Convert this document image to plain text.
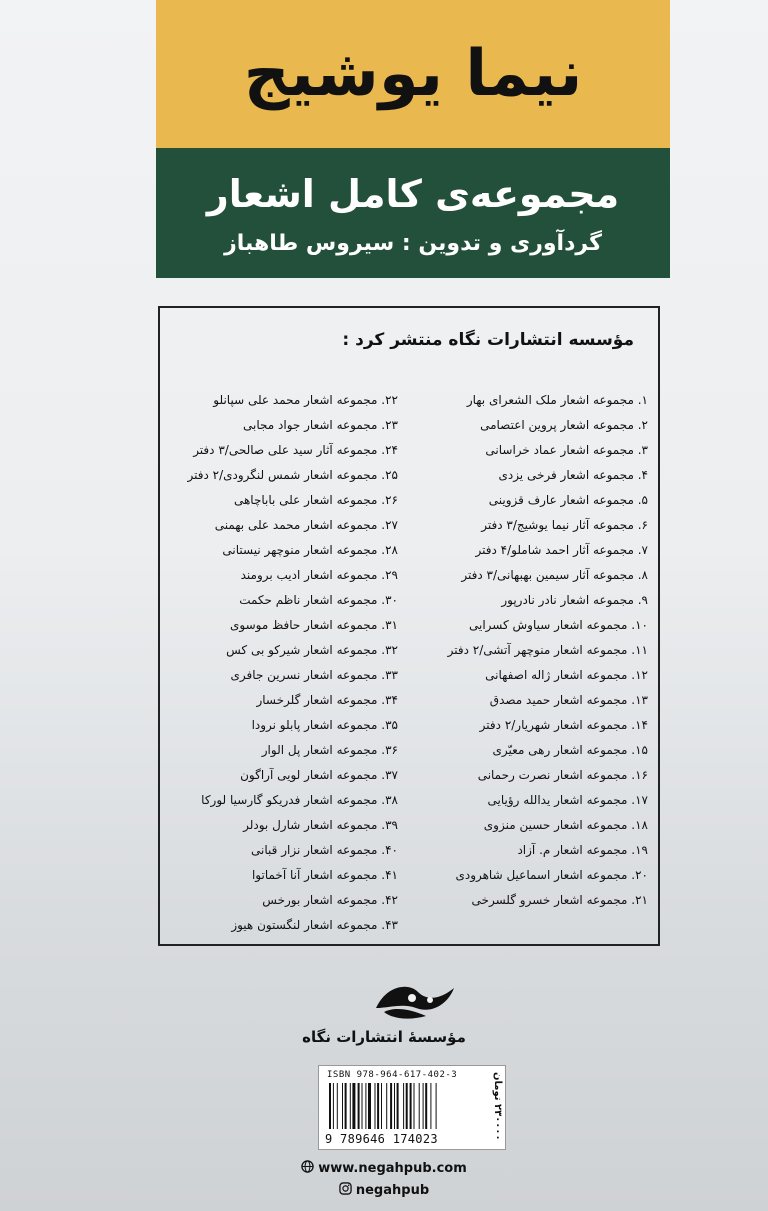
نیما یوشیج
مجموعه‌ی کامل اشعار
گردآوری و تدوین : سیروس طاهباز
مؤسسه انتشارات نگاه منتشر کرد :
۱. مجموعه اشعار ملک الشعرای بهار
۲. مجموعه اشعار پروین اعتصامی
۳. مجموعه اشعار عماد خراسانی
۴. مجموعه اشعار فرخی یزدی
۵. مجموعه اشعار عارف قزوینی
۶. مجموعه آثار نیما یوشیج/۳ دفتر
۷. مجموعه آثار احمد شاملو/۴ دفتر
۸. مجموعه آثار سیمین بهبهانی/۳ دفتر
۹. مجموعه اشعار نادر نادرپور
۱۰. مجموعه اشعار سیاوش کسرایی
۱۱. مجموعه اشعار منوچهر آتشی/۲ دفتر
۱۲. مجموعه اشعار ژاله اصفهانی
۱۳. مجموعه اشعار حمید مصدق
۱۴. مجموعه اشعار شهریار/۲ دفتر
۱۵. مجموعه اشعار رهی معیّری
۱۶. مجموعه اشعار نصرت رحمانی
۱۷. مجموعه اشعار یدالله رؤیایی
۱۸. مجموعه اشعار حسین منزوی
۱۹. مجموعه اشعار م. آزاد
۲۰. مجموعه اشعار اسماعیل شاهرودی
۲۱. مجموعه اشعار خسرو گلسرخی
۲۲. مجموعه اشعار محمد علی سپانلو
۲۳. مجموعه اشعار جواد مجابی
۲۴. مجموعه آثار سید علی صالحی/۳ دفتر
۲۵. مجموعه اشعار شمس لنگرودی/۲ دفتر
۲۶. مجموعه اشعار علی باباچاهی
۲۷. مجموعه اشعار محمد علی بهمنی
۲۸. مجموعه اشعار منوچهر نیستانی
۲۹. مجموعه اشعار ادیب برومند
۳۰. مجموعه اشعار ناظم حکمت
۳۱. مجموعه اشعار حافظ موسوی
۳۲. مجموعه اشعار شیرکو بی کس
۳۳. مجموعه اشعار نسرین جافری
۳۴. مجموعه اشعار گلرخسار
۳۵. مجموعه اشعار پابلو نرودا
۳۶. مجموعه اشعار پل الوار
۳۷. مجموعه اشعار لویی آراگون
۳۸. مجموعه اشعار فدریکو گارسیا لورکا
۳۹. مجموعه اشعار شارل بودلر
۴۰. مجموعه اشعار نزار قبانی
۴۱. مجموعه اشعار آنا آخماتوا
۴۲. مجموعه اشعار بورخس
۴۳. مجموعه اشعار لنگستون هیوز
مؤسسهٔ انتشارات نگاه
ISBN 978-964-617-402-3
9 789646 174023
۲۳۰۰۰۰ تومان
www.negahpub.com
negahpub
